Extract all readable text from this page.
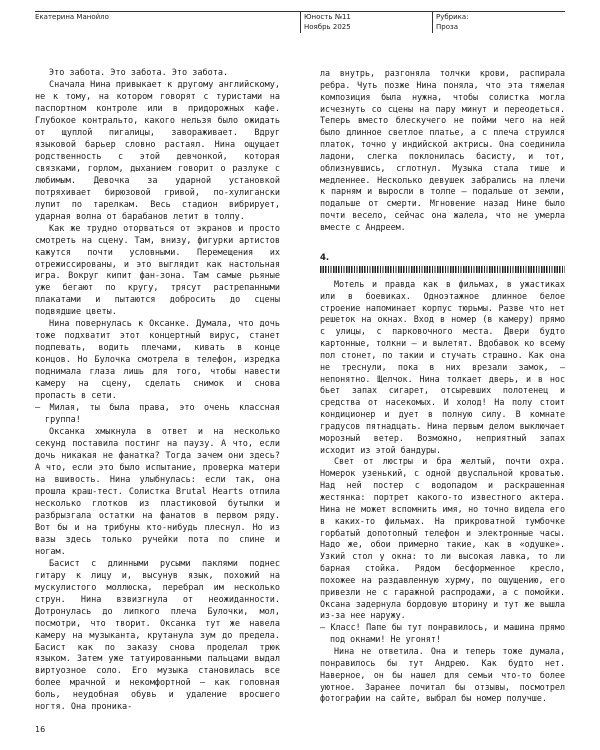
Екатерина Манойло	Юность №11
Ноябрь 2025
Рубрика:
Проза

Это забота. Это забота. Это забота.

Сначала Нина привыкает к другому английскому, не к тому, на котором говорят с туристами на паспортном контроле или в придорожных кафе. Глубокое контральто, какого нельзя было ожидать от щуплой пигалицы, завораживает. Вдруг языковой барьер словно растаял. Нина ощущает родственность с этой девчонкой, которая связками, горлом, дыханием говорит о разлуке с любимым. Девочка за ударной установкой потряхивает бирюзовой гривой, по-хулигански лупит по тарелкам. Весь стадион вибрирует, ударная волна от барабанов летит в толпу.

Как же трудно оторваться от экранов и просто смотреть на сцену. Там, внизу, фигурки артистов кажутся почти условными. Перемещения их отрежиссированы, и это выглядит как настольная игра. Вокруг кипит фан-зона. Там самые рьяные уже бегают по кругу, трясут растрепанными плакатами и пытаются добросить до сцены подвядшие цветы.

Нина повернулась к Оксанке. Думала, что дочь тоже подхватит этот концертный вирус, станет подпевать, водить плечами, кивать в конце концов. Но Булочка смотрела в телефон, изредка поднимала глаза лишь для того, чтобы навести камеру на сцену, сделать снимок и снова пропасть в сети.

– Милая, ты была права, это очень классная группа!

Оксанка хмыкнула в ответ и на несколько секунд поставила постинг на паузу. А что, если дочь никакая не фанатка? Тогда зачем они здесь? А что, если это было испытание, проверка матери на вшивость. Нина улыбнулась: если так, она прошла краш-тест. Солистка Brutal Hearts отпила несколько глотков из пластиковой бутылки и разбрызгала остатки на фанатов в первом ряду. Вот бы и на трибуны кто-нибудь плеснул. Но из вазы здесь только ручейки пота по спине и ногам.

Басист с длинными русыми паклями поднес гитару к лицу и, высунув язык, похожий на мускулистого моллюска, перебрал им несколько струн. Нина взвизгнула от неожиданности. Дотронулась до липкого плеча Булочки, мол, посмотри, что творит. Оксанка тут же навела камеру на музыканта, крутанула зум до предела. Басист как по заказу снова проделал трюк языком. Затем уже татуированными пальцами выдал виртуозное соло. Его музыка становилась все более мрачной и некомфортной – как головная боль, неудобная обувь и удаление вросшего ногтя. Она проника-

ла внутрь, разгоняла толчки крови, распирала ребра. Чуть позже Нина поняла, что эта тяжелая композиция была нужна, чтобы солистка могла исчезнуть со сцены на пару минут и переодеться. Теперь вместо блескучего не пойми чего на ней было длинное светлое платье, а с плеча струился платок, точно у индийской актрисы. Она соединила ладони, слегка поклонилась басисту, и тот, облизнувшись, сглотнул. Музыка стала тише и медленнее. Несколько девушек забрались на плечи к парням и выросли в толпе – подальше от земли, подальше от смерти. Мгновение назад Нине было почти весело, сейчас она жалела, что не умерла вместе с Андреем.

4.

Мотель и правда как в фильмах, в ужастиках или в боевиках. Одноэтажное длинное белое строение напоминает корпус тюрьмы. Разве что нет решеток на окнах. Вход в номер (в камеру) прямо с улицы, с парковочного места. Двери будто картонные, толкни – и вылетят. Вдобавок ко всему пол стонет, по такии и стучать страшно. Как она не треснули, пока в них врезали замок, – непонятно. Щелчок. Нина толкает дверь, и в нос бьет запах сигарет, отсыревших полотенец и средства от насекомых. И холод! На полу стоит кондиционер и дует в полную силу. В комнате градусов пятнадцать. Нина первым делом выключает морозный ветер. Возможно, неприятный запах исходит из этой бандуры.

Свет от люстры и бра желтый, почти охра. Номерок узенький, с одной двуспальной кроватью. Над ней постер с водопадом и раскрашенная жестянка: портрет какого-то известного актера. Нина не может вспомнить имя, но точно видела его в каких-то фильмах. На прикроватной тумбочке горбатый допотопный телефон и электронные часы. Надо же, обои примерно такие, как в «одушке». Узкий стол у окна: то ли высокая лавка, то ли барная стойка. Рядом бесформенное кресло, похожее на раздавленную хурму, по ощущению, его привезли не с гаражной распродажи, а с помойки. Оксана задернула бордовую шторину и тут же вышла из-за нее наружу.

– Класс! Папе бы тут понравилось, и машина прямо под окнами! Не угонят!

Нина не ответила. Она и теперь тоже думала, понравилось бы тут Андрею. Как будто нет. Наверное, он бы нашел для семьи что-то более уютное. Заранее почитал бы отзывы, посмотрел фотографии на сайте, выбрал бы номер получше.

16
